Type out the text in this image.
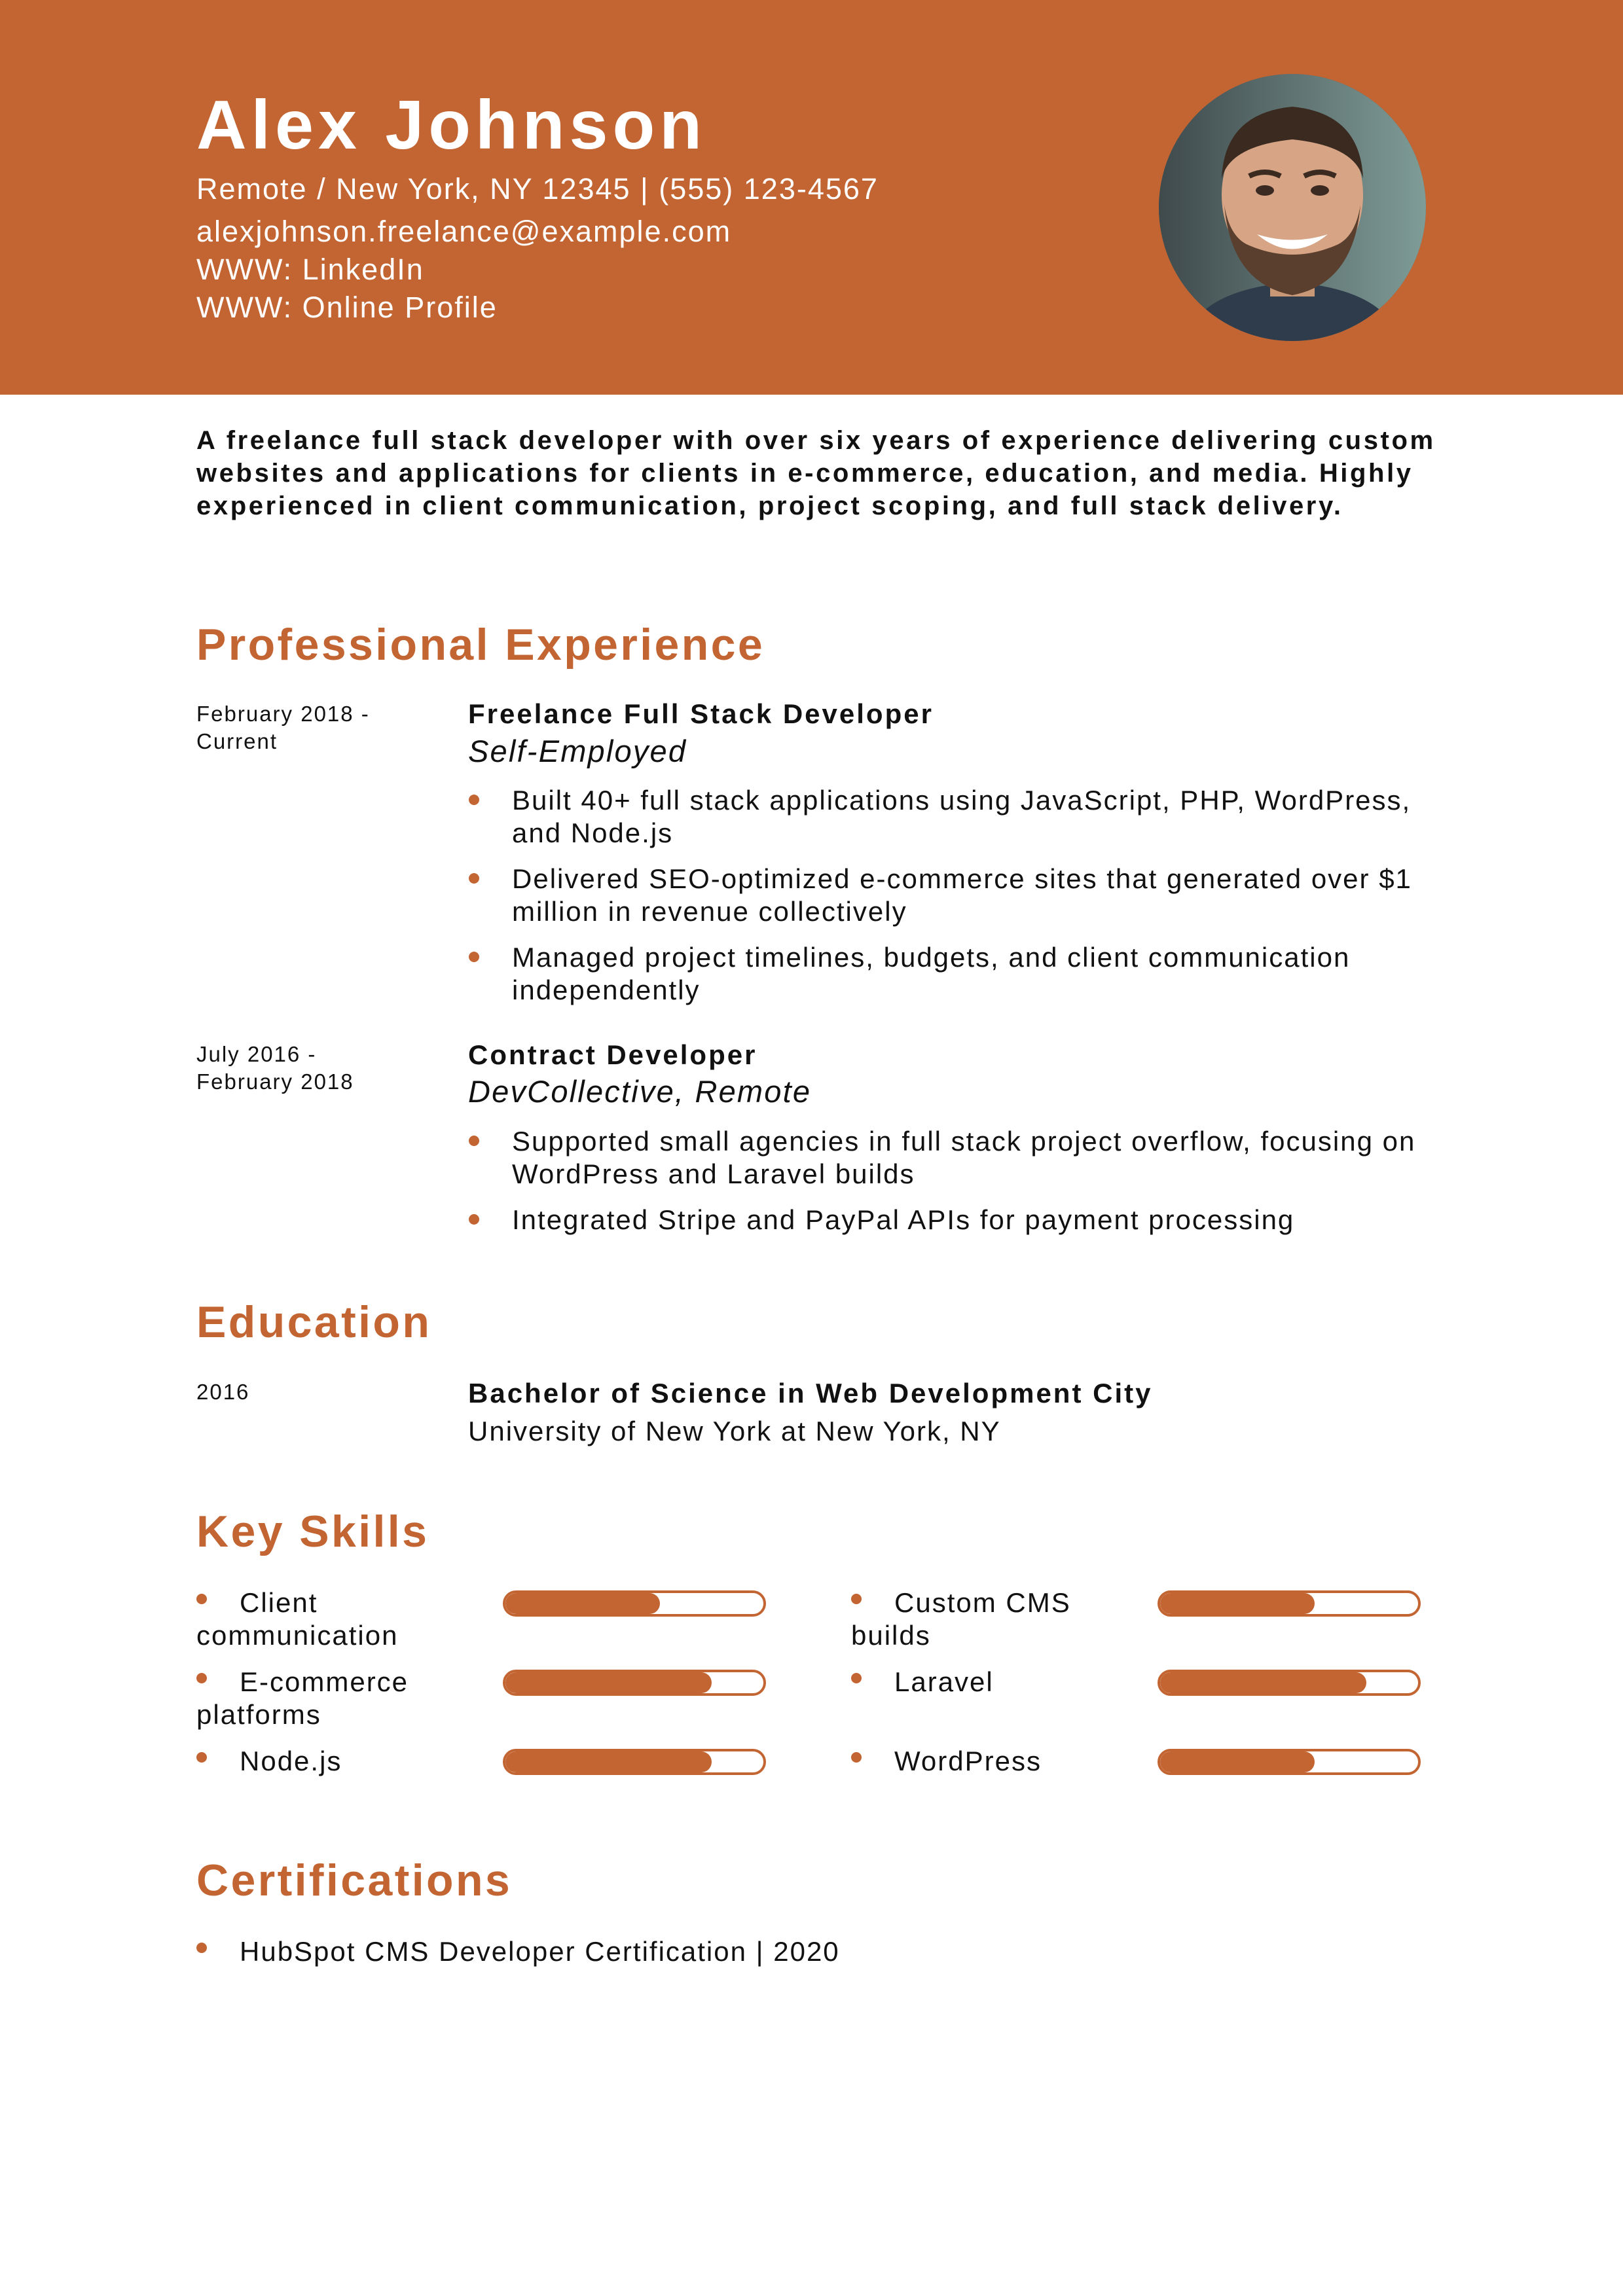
Alex Johnson
Remote / New York, NY 12345 | (555) 123-4567
alexjohnson.freelance@example.com
WWW: LinkedIn
WWW: Online Profile
A freelance full stack developer with over six years of experience delivering custom websites and applications for clients in e-commerce, education, and media. Highly experienced in client communication, project scoping, and full stack delivery.
Professional Experience
February 2018 -
Current
Freelance Full Stack Developer
Self-Employed
Built 40+ full stack applications using JavaScript, PHP, WordPress, and Node.js
Delivered SEO-optimized e-commerce sites that generated over $1 million in revenue collectively
Managed project timelines, budgets, and client communication independently
July 2016 -
February 2018
Contract Developer
DevCollective, Remote
Supported small agencies in full stack project overflow, focusing on WordPress and Laravel builds
Integrated Stripe and PayPal APIs for payment processing
Education
2016	Bachelor of Science in Web Development City
University of New York at New York, NY
Key Skills
Client communication
Custom CMS builds
E-commerce platforms
Laravel
Node.js	WordPress
Certifications
HubSpot CMS Developer Certification | 2020
